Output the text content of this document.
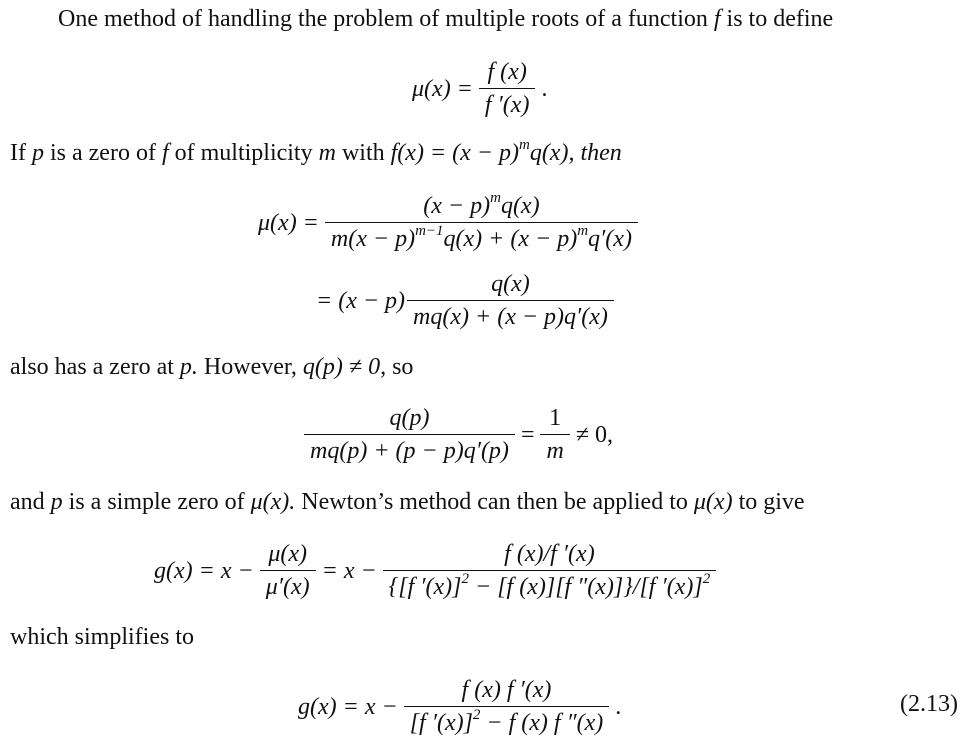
One method of handling the problem of multiple roots of a function f is to define
$\mu(x) = \frac{f (x)}{f '(x)}$ .
If p is a zero of f of multiplicity m with $f(x) = (x - p)^mq(x)$, then
$\mu(x) = \frac{(x - p)^mq(x)}{m(x - p)^{m-1}q(x) + (x - p)^mq'(x)}$
= $(x - p) \frac{q(x)}{mq(x) + (x - p)q'(x)}$
also has a zero at p. However, q(p) ≠ 0, so
$\frac{q(p)}{mq(p) + (p - p)q'(p)} = \frac{1}{m} \ne 0$,
and p is a simple zero of μ(x). Newton’s method can then be applied to μ(x) to give
$g(x) = x - \frac{\mu(x)}{\mu'(x)} = x - \frac{f (x)/f '(x)}{\{[f '(x)]^2 - [f (x)][f ''(x)]\}/[f '(x)]^2}$
which simplifies to
$g(x) = x - \frac{f (x) f '(x)}{[f '(x)]^2 - f (x) f ''(x)}$ .	(2.13)
